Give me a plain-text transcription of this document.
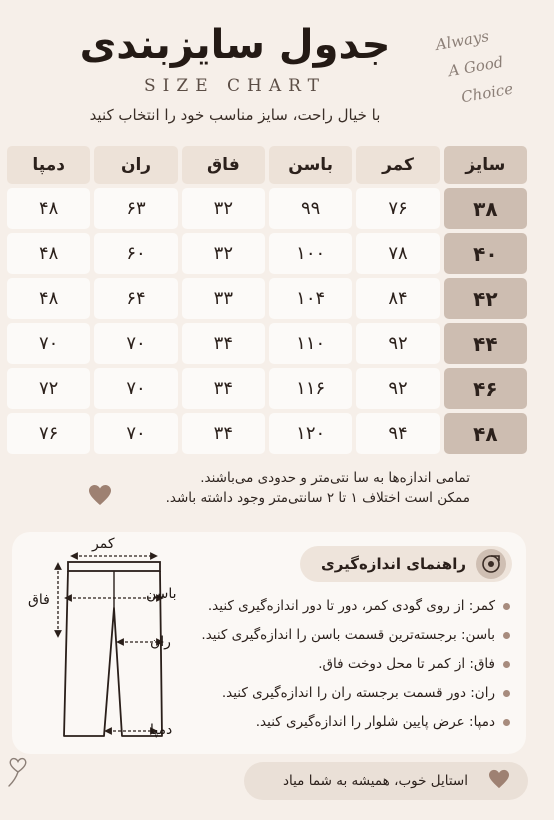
جدول سایزبندی
SIZE CHART
با خیال راحت، سایز مناسب خود را انتخاب کنید
Always
A Good
Choice
سایز
کمر
باسن
فاق
ران
دمپا
۳۸
۷۶
۹۹
۳۲
۶۳
۴۸
۴۰
۷۸
۱۰۰
۳۲
۶۰
۴۸
۴۲
۸۴
۱۰۴
۳۳
۶۴
۴۸
۴۴
۹۲
۱۱۰
۳۴
۷۰
۷۰
۴۶
۹۲
۱۱۶
۳۴
۷۰
۷۲
۴۸
۹۴
۱۲۰
۳۴
۷۰
۷۶
تمامی اندازه‌ها به سا نتی‌متر و حدودی می‌باشند.
ممکن است اختلاف ۱ تا ۲ سانتی‌متر وجود داشته باشد.
راهنمای اندازه‌گیری
کمر: از روی گودی کمر، دور تا دور اندازه‌گیری کنید.
باسن: برجسته‌ترین قسمت باسن را اندازه‌گیری کنید.
فاق: از کمر تا محل دوخت فاق.
ران: دور قسمت برجسته ران را اندازه‌گیری کنید.
دمپا: عرض پایین شلوار را اندازه‌گیری کنید.
کمر
فاق	باسن
ران
دمپا
استایل خوب، همیشه به شما میاد
